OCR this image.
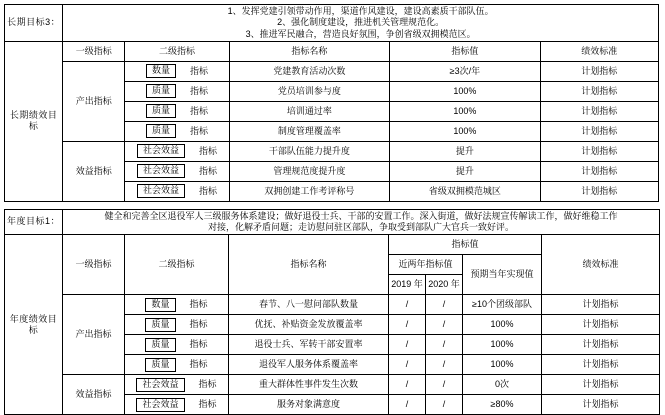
长期目标3：	1、发挥党建引领带动作用，渠道作风建设，建设高素质干部队伍。
2、强化制度建设，推进机关管理规范化。
3、推进军民融合，营造良好氛围，争创省级双拥模范区。				

长期绩效目标	一级指标	二级指标	指标名称	指标值	绩效标准
	产出指标	数量 指标	党建教育活动次数	≥3次/年	计划指标

		质量 指标	党员培训参与度	100%	计划指标

		质量 指标	培训通过率	100%	计划指标

		质量 指标	制度管理覆盖率	100%	计划指标
	效益指标	社会效益 指标	干部队伍能力提升度	提升	计划指标

		社会效益 指标	管理规范度提升度	提升	计划指标

		社会效益 指标	双拥创建工作考评称号	省级双拥模范城区	计划指标
年度目标1：	健全和完善全区退役军人三级服务体系建设；做好退役士兵、干部的安置工作。深入街道，做好法规宣传解读工作，做好维稳工作
对接，化解矛盾问题；走访慰问驻区部队，争取受到部队广大官兵一致好评。						

年度绩效目标	一级指标	二级指标	指标名称	指标值			绩效标准
				近两年指标值		预期当年实现值	
				2019 年	2020 年		
	产出指标	数量 指标	春节、八一慰问部队数量	/	/	≥10个团级部队	计划指标

		质量 指标	优抚、补贴资金发放覆盖率	/	/	100%	计划指标

		质量 指标	退役士兵、军转干部安置率	/	/	100%	计划指标

		质量 指标	退役军人服务体系覆盖率	/	/	100%	计划指标
	效益指标	社会效益 指标	重大群体性事件发生次数	/	/	0次	计划指标

		社会效益 指标	服务对象满意度	/	/	≥80%	计划指标
